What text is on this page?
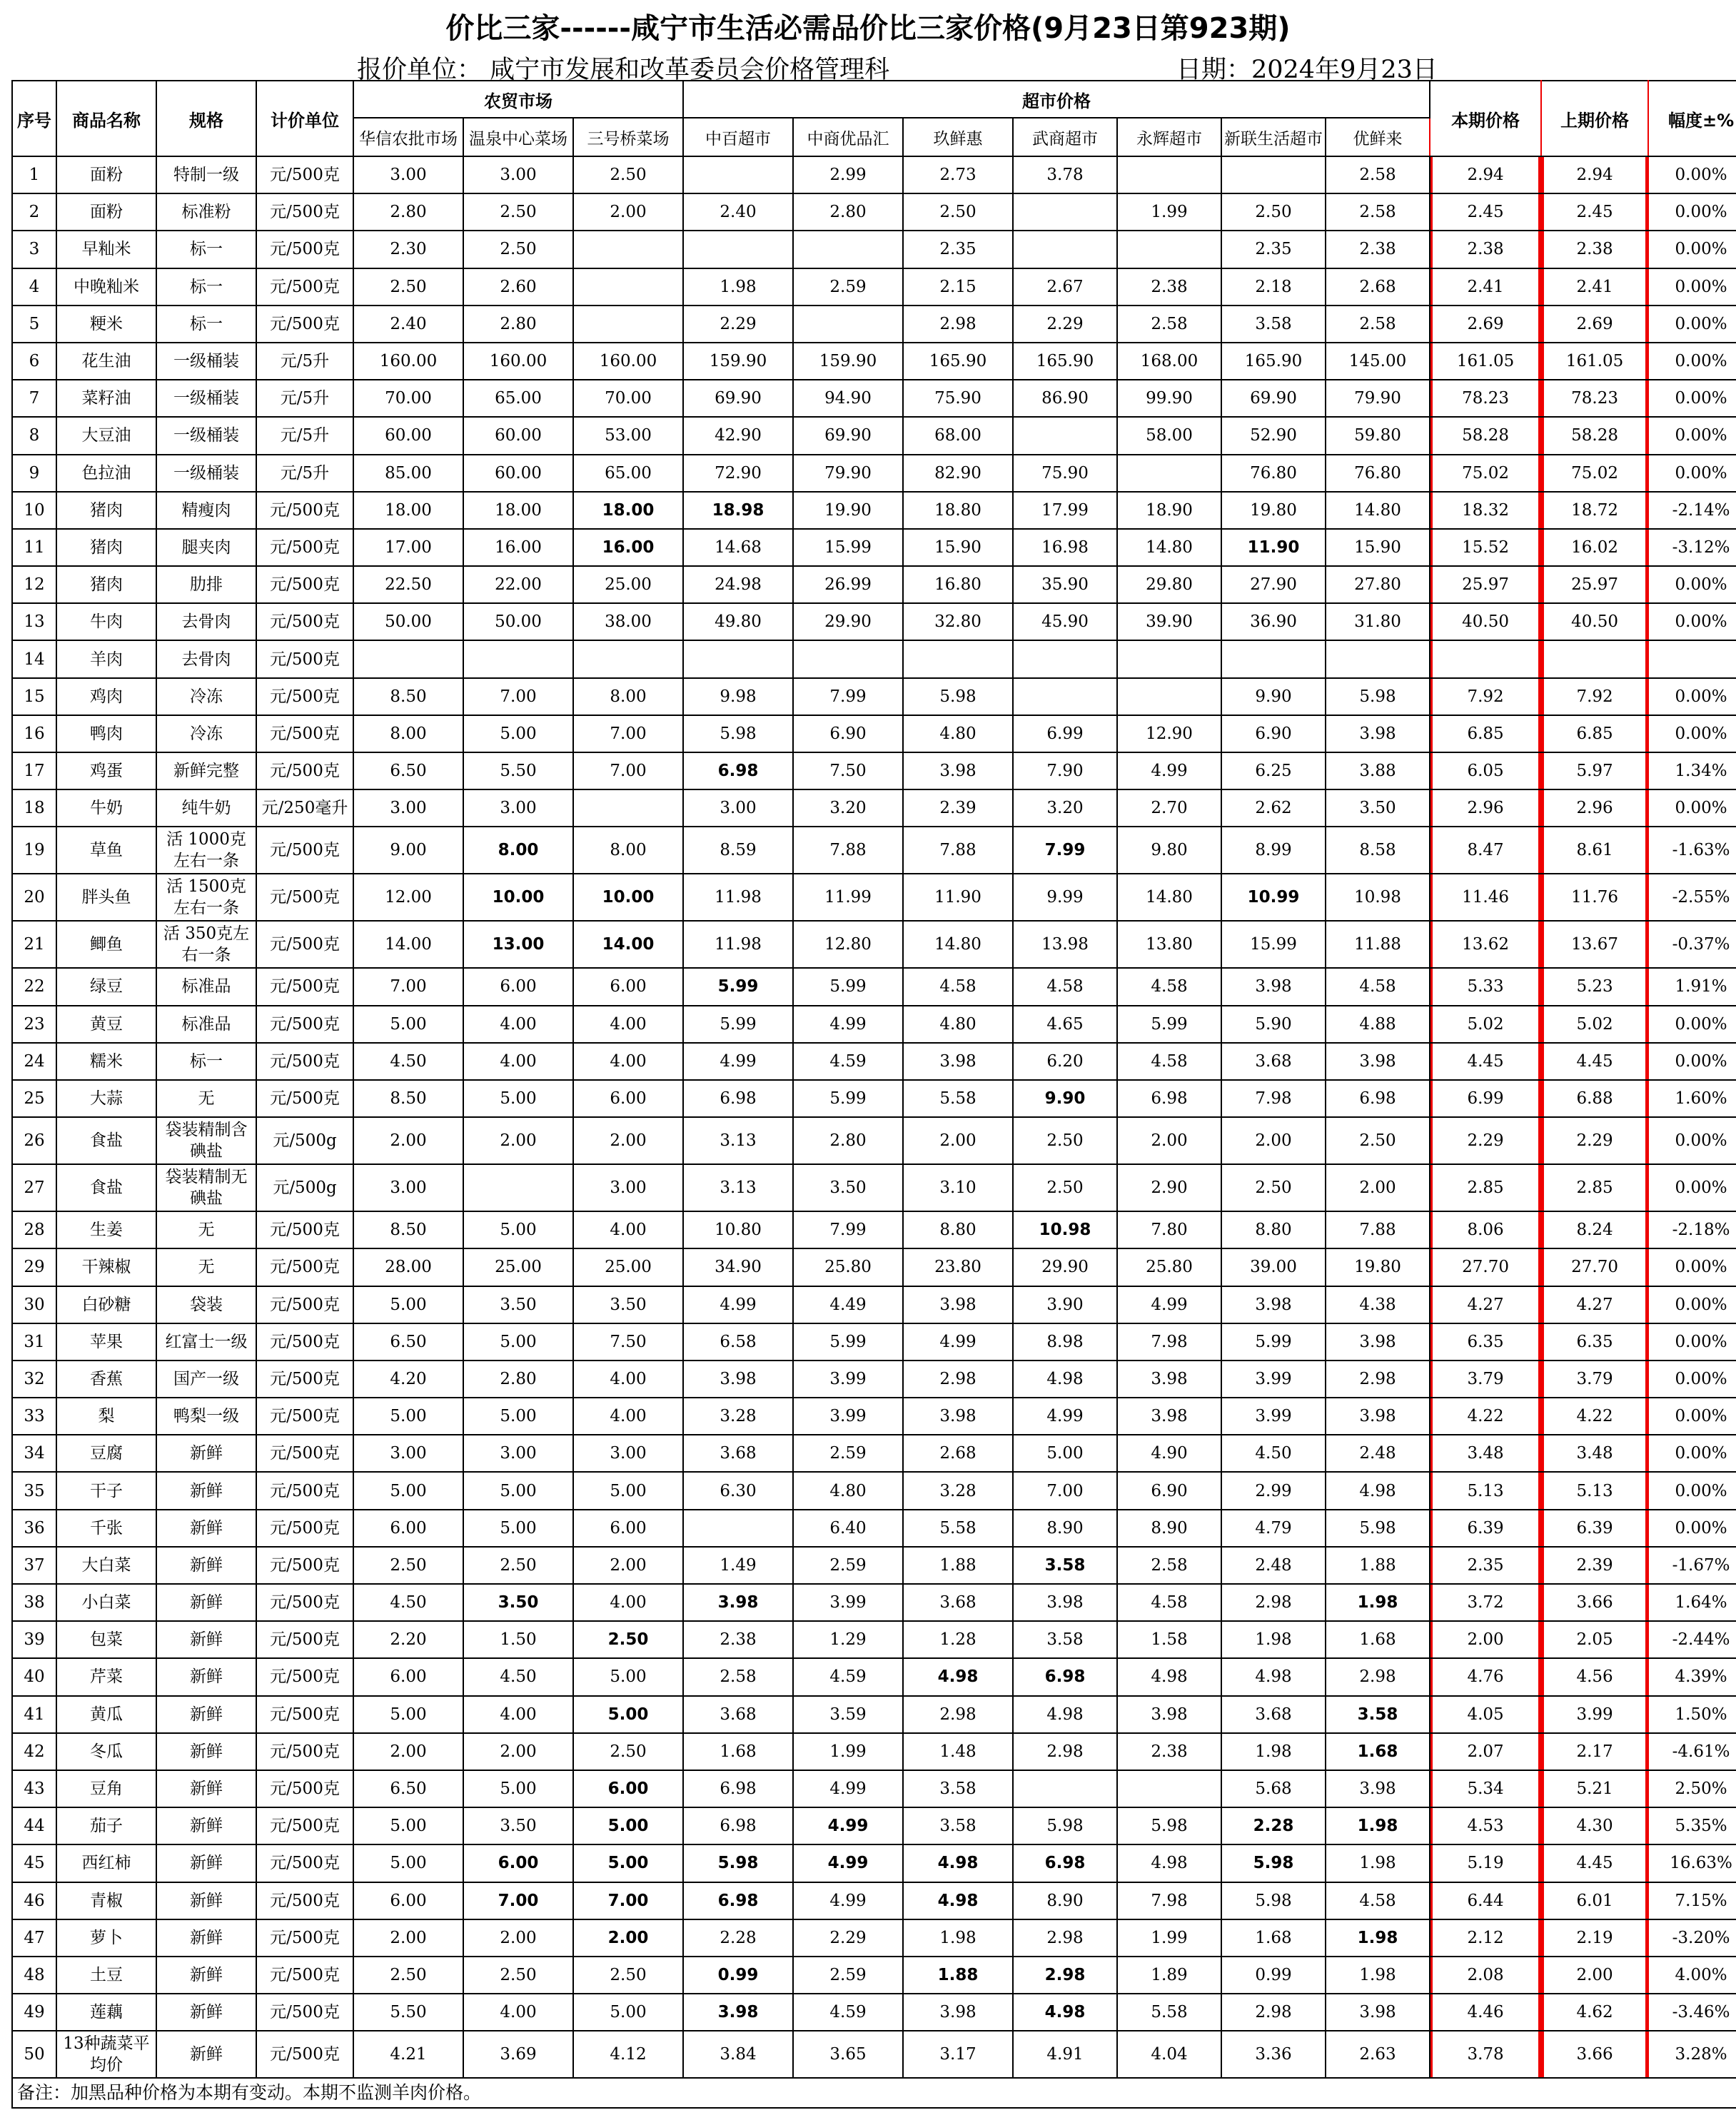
价比三家------咸宁市生活必需品价比三家价格(9月23日第923期)
报价单位： 咸宁市发展和改革委员会价格管理科	日期：2024年9月23日
序号	商品名称	规格	计价单位	农贸市场			超市价格							本期价格	上期价格	幅度±%
				华信农批市场	温泉中心菜场	三号桥菜场	中百超市	中商优品汇	玖鲜惠	武商超市	永辉超市	新联生活超市	优鲜来			
1	面粉	特制一级	元/500克	3.00	3.00	2.50		2.99	2.73	3.78			2.58	2.94	2.94	0.00%
2	面粉	标准粉	元/500克	2.80	2.50	2.00	2.40	2.80	2.50		1.99	2.50	2.58	2.45	2.45	0.00%
3	早籼米	标一	元/500克	2.30	2.50				2.35			2.35	2.38	2.38	2.38	0.00%
4	中晚籼米	标一	元/500克	2.50	2.60		1.98	2.59	2.15	2.67	2.38	2.18	2.68	2.41	2.41	0.00%
5	粳米	标一	元/500克	2.40	2.80		2.29		2.98	2.29	2.58	3.58	2.58	2.69	2.69	0.00%
6	花生油	一级桶装	元/5升	160.00	160.00	160.00	159.90	159.90	165.90	165.90	168.00	165.90	145.00	161.05	161.05	0.00%
7	菜籽油	一级桶装	元/5升	70.00	65.00	70.00	69.90	94.90	75.90	86.90	99.90	69.90	79.90	78.23	78.23	0.00%
8	大豆油	一级桶装	元/5升	60.00	60.00	53.00	42.90	69.90	68.00		58.00	52.90	59.80	58.28	58.28	0.00%
9	色拉油	一级桶装	元/5升	85.00	60.00	65.00	72.90	79.90	82.90	75.90		76.80	76.80	75.02	75.02	0.00%
10	猪肉	精瘦肉	元/500克	18.00	18.00	18.00	18.98	19.90	18.80	17.99	18.90	19.80	14.80	18.32	18.72	-2.14%
11	猪肉	腿夹肉	元/500克	17.00	16.00	16.00	14.68	15.99	15.90	16.98	14.80	11.90	15.90	15.52	16.02	-3.12%
12	猪肉	肋排	元/500克	22.50	22.00	25.00	24.98	26.99	16.80	35.90	29.80	27.90	27.80	25.97	25.97	0.00%
13	牛肉	去骨肉	元/500克	50.00	50.00	38.00	49.80	29.90	32.80	45.90	39.90	36.90	31.80	40.50	40.50	0.00%
14	羊肉	去骨肉	元/500克													
15	鸡肉	冷冻	元/500克	8.50	7.00	8.00	9.98	7.99	5.98			9.90	5.98	7.92	7.92	0.00%
16	鸭肉	冷冻	元/500克	8.00	5.00	7.00	5.98	6.90	4.80	6.99	12.90	6.90	3.98	6.85	6.85	0.00%
17	鸡蛋	新鲜完整	元/500克	6.50	5.50	7.00	6.98	7.50	3.98	7.90	4.99	6.25	3.88	6.05	5.97	1.34%
18	牛奶	纯牛奶	元/250毫升	3.00	3.00		3.00	3.20	2.39	3.20	2.70	2.62	3.50	2.96	2.96	0.00%
19	草鱼	活 1000克左右一条	元/500克	9.00	8.00	8.00	8.59	7.88	7.88	7.99	9.80	8.99	8.58	8.47	8.61	-1.63%
20	胖头鱼	活 1500克左右一条	元/500克	12.00	10.00	10.00	11.98	11.99	11.90	9.99	14.80	10.99	10.98	11.46	11.76	-2.55%
21	鲫鱼	活 350克左右一条	元/500克	14.00	13.00	14.00	11.98	12.80	14.80	13.98	13.80	15.99	11.88	13.62	13.67	-0.37%
22	绿豆	标准品	元/500克	7.00	6.00	6.00	5.99	5.99	4.58	4.58	4.58	3.98	4.58	5.33	5.23	1.91%
23	黄豆	标准品	元/500克	5.00	4.00	4.00	5.99	4.99	4.80	4.65	5.99	5.90	4.88	5.02	5.02	0.00%
24	糯米	标一	元/500克	4.50	4.00	4.00	4.99	4.59	3.98	6.20	4.58	3.68	3.98	4.45	4.45	0.00%
25	大蒜	无	元/500克	8.50	5.00	6.00	6.98	5.99	5.58	9.90	6.98	7.98	6.98	6.99	6.88	1.60%
26	食盐	袋装精制含碘盐	元/500g	2.00	2.00	2.00	3.13	2.80	2.00	2.50	2.00	2.00	2.50	2.29	2.29	0.00%
27	食盐	袋装精制无碘盐	元/500g	3.00		3.00	3.13	3.50	3.10	2.50	2.90	2.50	2.00	2.85	2.85	0.00%
28	生姜	无	元/500克	8.50	5.00	4.00	10.80	7.99	8.80	10.98	7.80	8.80	7.88	8.06	8.24	-2.18%
29	干辣椒	无	元/500克	28.00	25.00	25.00	34.90	25.80	23.80	29.90	25.80	39.00	19.80	27.70	27.70	0.00%
30	白砂糖	袋装	元/500克	5.00	3.50	3.50	4.99	4.49	3.98	3.90	4.99	3.98	4.38	4.27	4.27	0.00%
31	苹果	红富士一级	元/500克	6.50	5.00	7.50	6.58	5.99	4.99	8.98	7.98	5.99	3.98	6.35	6.35	0.00%
32	香蕉	国产一级	元/500克	4.20	2.80	4.00	3.98	3.99	2.98	4.98	3.98	3.99	2.98	3.79	3.79	0.00%
33	梨	鸭梨一级	元/500克	5.00	5.00	4.00	3.28	3.99	3.98	4.99	3.98	3.99	3.98	4.22	4.22	0.00%
34	豆腐	新鲜	元/500克	3.00	3.00	3.00	3.68	2.59	2.68	5.00	4.90	4.50	2.48	3.48	3.48	0.00%
35	干子	新鲜	元/500克	5.00	5.00	5.00	6.30	4.80	3.28	7.00	6.90	2.99	4.98	5.13	5.13	0.00%
36	千张	新鲜	元/500克	6.00	5.00	6.00		6.40	5.58	8.90	8.90	4.79	5.98	6.39	6.39	0.00%
37	大白菜	新鲜	元/500克	2.50	2.50	2.00	1.49	2.59	1.88	3.58	2.58	2.48	1.88	2.35	2.39	-1.67%
38	小白菜	新鲜	元/500克	4.50	3.50	4.00	3.98	3.99	3.68	3.98	4.58	2.98	1.98	3.72	3.66	1.64%
39	包菜	新鲜	元/500克	2.20	1.50	2.50	2.38	1.29	1.28	3.58	1.58	1.98	1.68	2.00	2.05	-2.44%
40	芹菜	新鲜	元/500克	6.00	4.50	5.00	2.58	4.59	4.98	6.98	4.98	4.98	2.98	4.76	4.56	4.39%
41	黄瓜	新鲜	元/500克	5.00	4.00	5.00	3.68	3.59	2.98	4.98	3.98	3.68	3.58	4.05	3.99	1.50%
42	冬瓜	新鲜	元/500克	2.00	2.00	2.50	1.68	1.99	1.48	2.98	2.38	1.98	1.68	2.07	2.17	-4.61%
43	豆角	新鲜	元/500克	6.50	5.00	6.00	6.98	4.99	3.58			5.68	3.98	5.34	5.21	2.50%
44	茄子	新鲜	元/500克	5.00	3.50	5.00	6.98	4.99	3.58	5.98	5.98	2.28	1.98	4.53	4.30	5.35%
45	西红柿	新鲜	元/500克	5.00	6.00	5.00	5.98	4.99	4.98	6.98	4.98	5.98	1.98	5.19	4.45	16.63%
46	青椒	新鲜	元/500克	6.00	7.00	7.00	6.98	4.99	4.98	8.90	7.98	5.98	4.58	6.44	6.01	7.15%
47	萝卜	新鲜	元/500克	2.00	2.00	2.00	2.28	2.29	1.98	2.98	1.99	1.68	1.98	2.12	2.19	-3.20%
48	土豆	新鲜	元/500克	2.50	2.50	2.50	0.99	2.59	1.88	2.98	1.89	0.99	1.98	2.08	2.00	4.00%
49	莲藕	新鲜	元/500克	5.50	4.00	5.00	3.98	4.59	3.98	4.98	5.58	2.98	3.98	4.46	4.62	-3.46%
50	13种蔬菜平均价	新鲜	元/500克	4.21	3.69	4.12	3.84	3.65	3.17	4.91	4.04	3.36	2.63	3.78	3.66	3.28%
备注：加黑品种价格为本期有变动。本期不监测羊肉价格。																
